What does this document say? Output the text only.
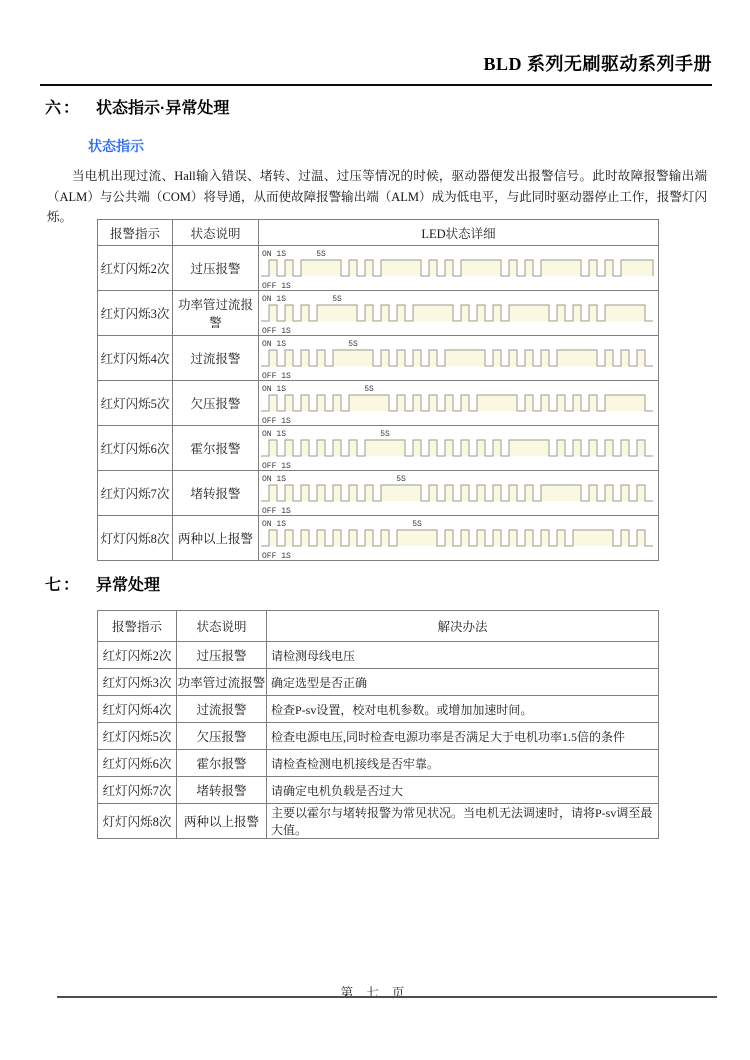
BLD 系列无刷驱动系列手册
六： 状态指示·异常处理
状态指示
当电机出现过流、Hall输入错误、堵转、过温、过压等情况的时候，驱动器便发出报警信号。此时故障报警输出端（ALM）与公共端（COM）将导通，从而使故障报警输出端（ALM）成为低电平，与此同时驱动器停止工作，报警灯闪烁。
报警指示	状态说明	LED状态详细
红灯闪烁2次	过压报警	ON 1S 5S
OFF 1S

红灯闪烁3次	功率管过流报警	ON 1S 5S
OFF 1S

红灯闪烁4次	过流报警	ON 1S 5S
OFF 1S

红灯闪烁5次	欠压报警	ON 1S 5S
OFF 1S

红灯闪烁6次	霍尔报警	ON 1S 5S
OFF 1S

红灯闪烁7次	堵转报警	ON 1S 5S
OFF 1S

灯灯闪烁8次	两种以上报警	ON 1S 5S
OFF 1S
七： 异常处理
报警指示	状态说明	解决办法
红灯闪烁2次	过压报警	请检测母线电压
红灯闪烁3次	功率管过流报警	确定选型是否正确
红灯闪烁4次	过流报警	检查P-sv设置，校对电机参数。或增加加速时间。
红灯闪烁5次	欠压报警	检查电源电压,同时检查电源功率是否满足大于电机功率1.5倍的条件
红灯闪烁6次	霍尔报警	请检查检测电机接线是否牢靠。
红灯闪烁7次	堵转报警	请确定电机负载是否过大
灯灯闪烁8次	两种以上报警	主要以霍尔与堵转报警为常见状况。当电机无法调速时，请将P-sv调至最大值。
第 七 页
